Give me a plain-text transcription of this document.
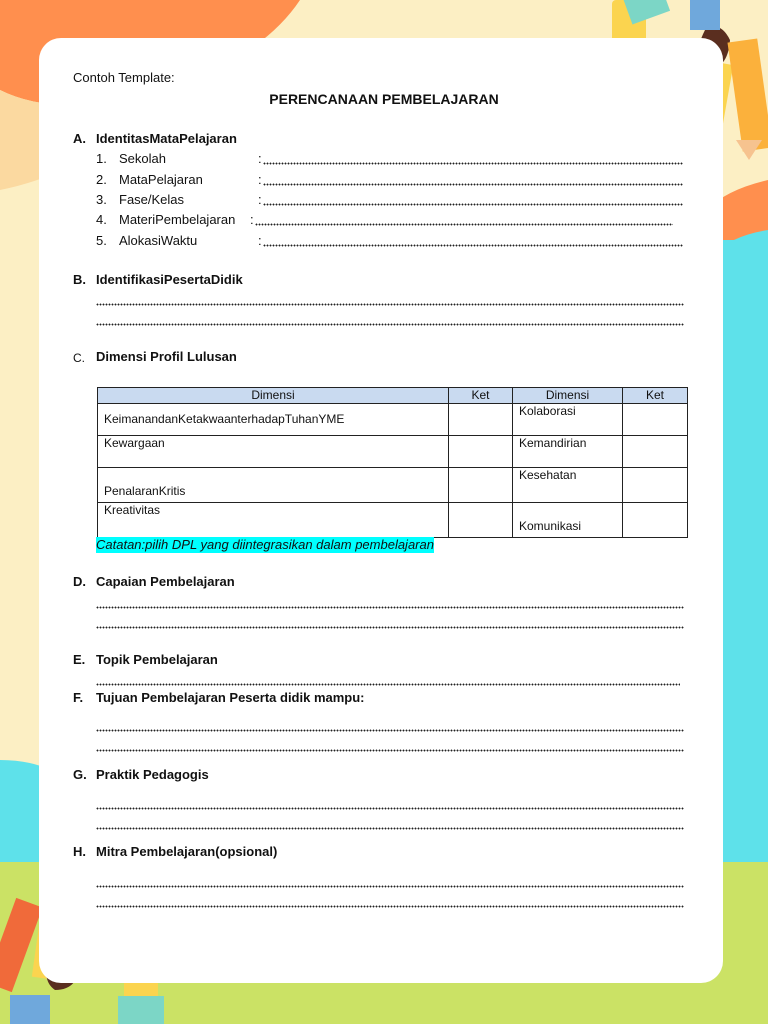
Contoh Template:
PERENCANAAN PEMBELAJARAN
A. IdentitasMataPelajaran
1. Sekolah	:
2. MataPelajaran	:
3. Fase/Kelas	:
4. MateriPembelajaran :
5. AlokasiWaktu	:
B. IdentifikasiPesertaDidik
C. Dimensi Profil Lulusan
Dimensi	Ket	Dimensi	Ket
KeimanandanKetakwaanterhadapTuhanYME		Kolaborasi	
Kewargaan		Kemandirian	
PenalaranKritis		Kesehatan	
Kreativitas		Komunikasi	
Catatan:pilih DPL yang diintegrasikan dalam pembelajaran
D. Capaian Pembelajaran
E. Topik Pembelajaran
F. Tujuan Pembelajaran Peserta didik mampu:
G. Praktik Pedagogis
H. Mitra Pembelajaran(opsional)
